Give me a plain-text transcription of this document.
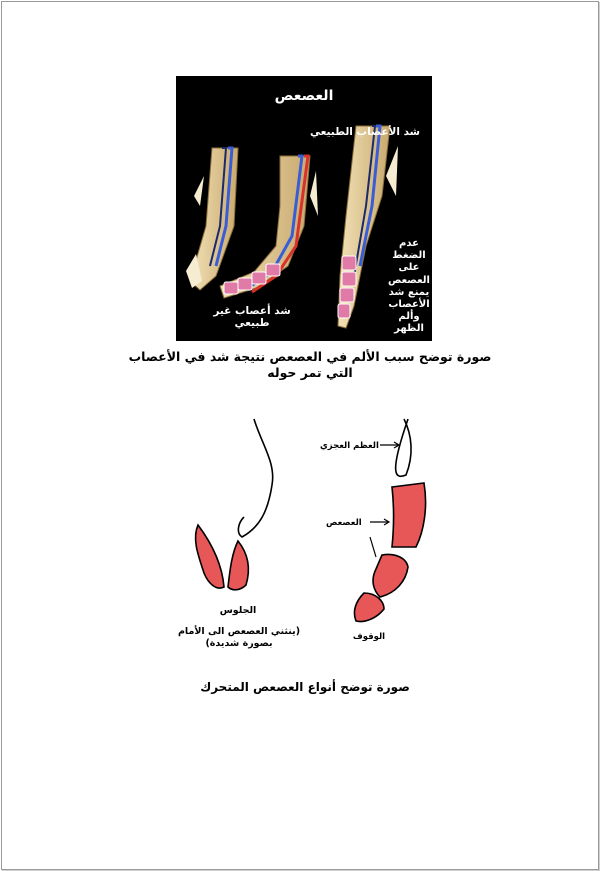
العصعص
شد الأعصاب الطبيعي
شد أعصاب غير طبيعي
عدم الضغط على العصعص يمنع شد الأعصاب وألم الظهر
صورة توضح سبب الألم في العصعص نتيجة شد في الأعصاب التي تمر حوله
العظم العجزي
العصعص
الجلوس
(ينثني العصعص الى الأمام بصورة شديدة)
الوقوف
صورة توضح أنواع العصعص المتحرك
